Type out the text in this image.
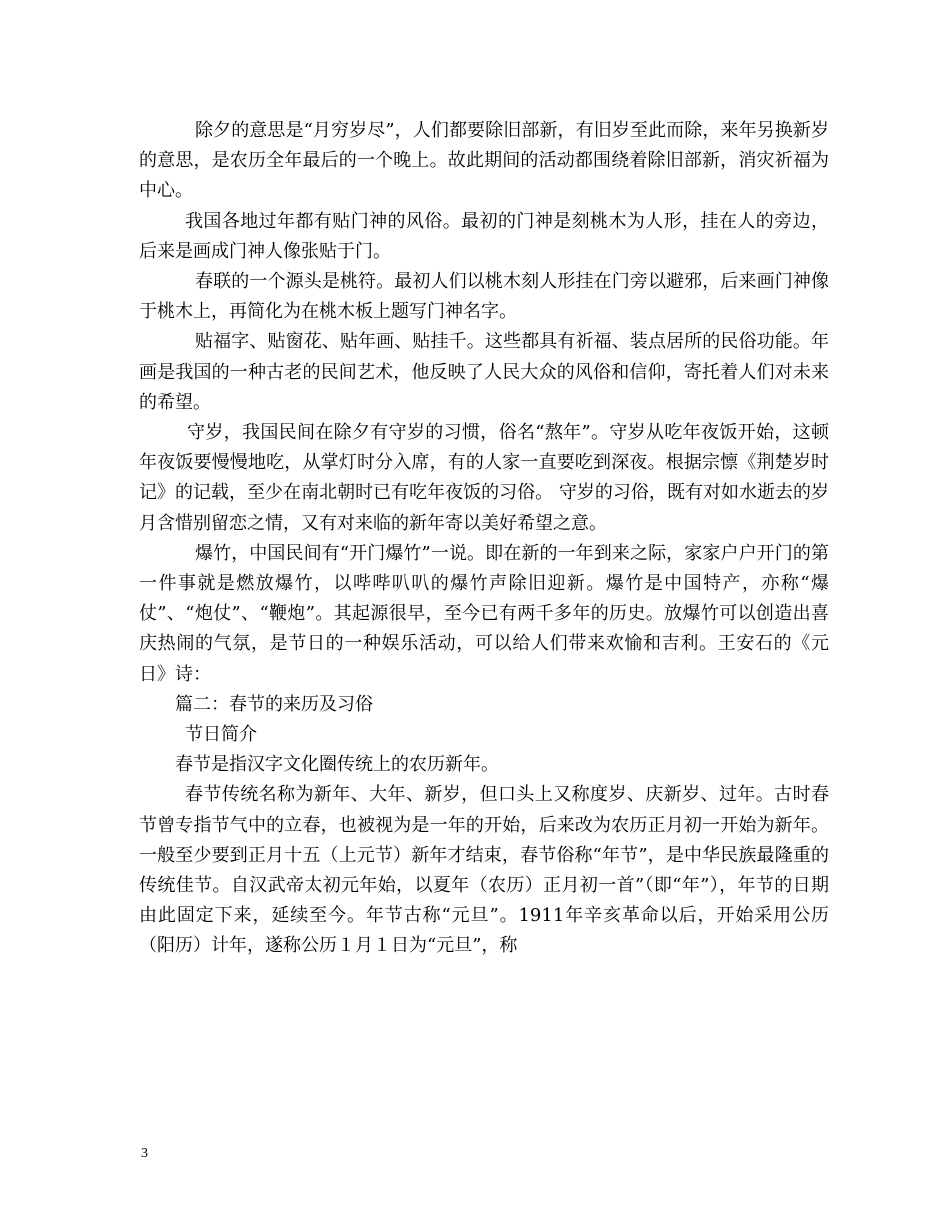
除夕的意思是“月穷岁尽”，人们都要除旧部新，有旧岁至此而除，来年另换新岁的意思，是农历全年最后的一个晚上。故此期间的活动都围绕着除旧部新，消灾祈福为中心。

我国各地过年都有贴门神的风俗。最初的门神是刻桃木为人形，挂在人的旁边，后来是画成门神人像张贴于门。

春联的一个源头是桃符。最初人们以桃木刻人形挂在门旁以避邪，后来画门神像于桃木上，再简化为在桃木板上题写门神名字。

贴福字、贴窗花、贴年画、贴挂千。这些都具有祈福、装点居所的民俗功能。年画是我国的一种古老的民间艺术，他反映了人民大众的风俗和信仰，寄托着人们对未来的希望。

守岁，我国民间在除夕有守岁的习惯，俗名“熬年”。守岁从吃年夜饭开始，这顿年夜饭要慢慢地吃，从掌灯时分入席，有的人家一直要吃到深夜。根据宗懔《荆楚岁时记》的记载，至少在南北朝时已有吃年夜饭的习俗。 守岁的习俗，既有对如水逝去的岁月含惜别留恋之情，又有对来临的新年寄以美好希望之意。

爆竹，中国民间有“开门爆竹”一说。即在新的一年到来之际，家家户户开门的第一件事就是燃放爆竹，以哔哔叭叭的爆竹声除旧迎新。爆竹是中国特产，亦称“爆仗”、“炮仗”、“鞭炮”。其起源很早，至今已有两千多年的历史。放爆竹可以创造出喜庆热闹的气氛，是节日的一种娱乐活动，可以给人们带来欢愉和吉利。王安石的《元日》诗：

篇二：春节的来历及习俗

节日简介

春节是指汉字文化圈传统上的农历新年。

春节传统名称为新年、大年、新岁，但口头上又称度岁、庆新岁、过年。古时春节曾专指节气中的立春，也被视为是一年的开始，后来改为农历正月初一开始为新年。一般至少要到正月十五（上元节）新年才结束，春节俗称“年节”，是中华民族最隆重的传统佳节。自汉武帝太初元年始，以夏年（农历）正月初一首”（即“年”），年节的日期由此固定下来，延续至今。年节古称“元旦”。1911年辛亥革命以后，开始采用公历（阳历）计年，遂称公历１月１日为“元旦”，称

3
